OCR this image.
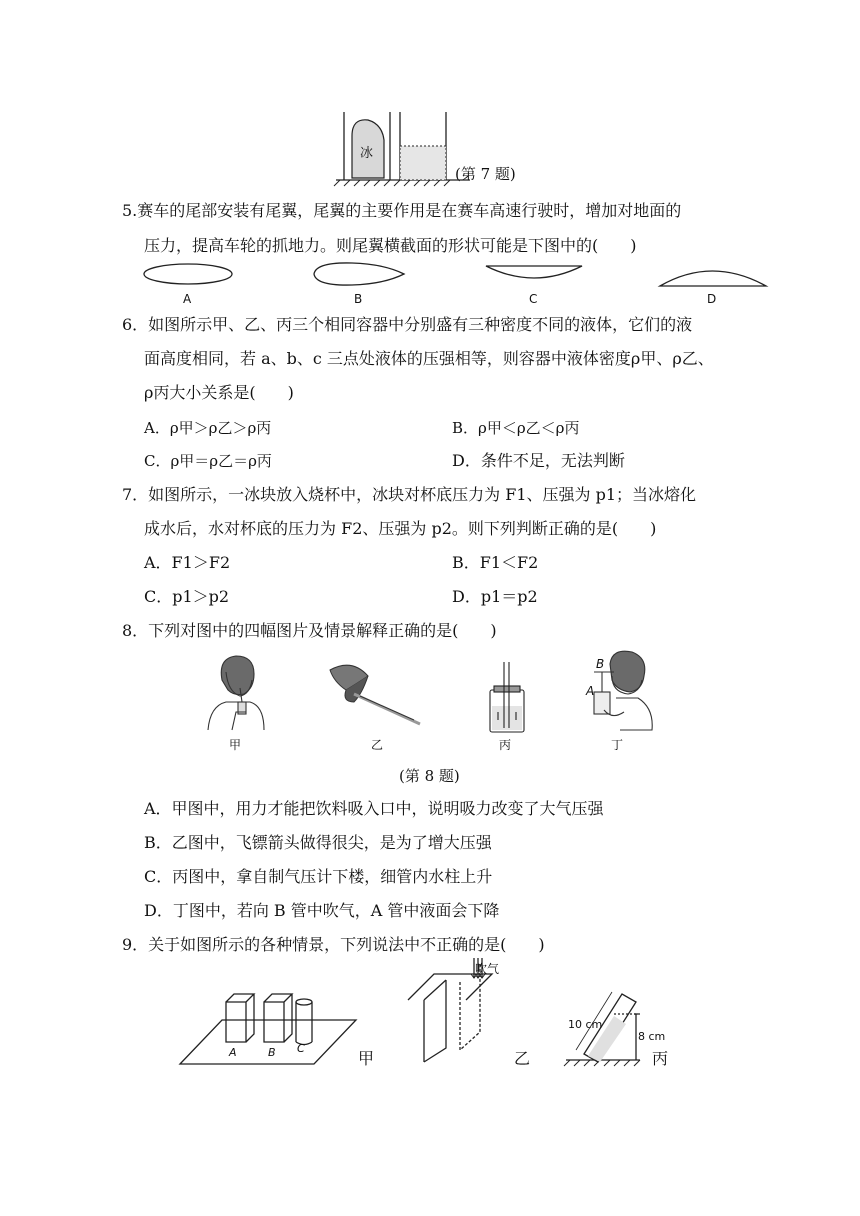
冰
(第 7 题)
5.赛车的尾部安装有尾翼，尾翼的主要作用是在赛车高速行驶时，增加对地面的
压力，提高车轮的抓地力。则尾翼横截面的形状可能是下图中的(　　)
A	B	C	D
6．如图所示甲、乙、丙三个相同容器中分别盛有三种密度不同的液体，它们的液
面高度相同，若 a、b、c 三点处液体的压强相等，则容器中液体密度ρ甲、ρ乙、
ρ丙大小关系是(　　)
A．ρ甲＞ρ乙＞ρ丙	B．ρ甲＜ρ乙＜ρ丙
C．ρ甲＝ρ乙＝ρ丙	D．条件不足，无法判断
7．如图所示，一冰块放入烧杯中，冰块对杯底压力为 F1、压强为 p1；当冰熔化
成水后，水对杯底的压力为 F2、压强为 p2。则下列判断正确的是(　　)
A．F1＞F2	B．F1＜F2
C．p1＞p2	D．p1＝p2
8．下列对图中的四幅图片及情景解释正确的是(　　)
B
A
甲	乙	丙	丁
(第 8 题)
A．甲图中，用力才能把饮料吸入口中，说明吸力改变了大气压强
B．乙图中，飞镖箭头做得很尖，是为了增大压强
C．丙图中，拿自制气压计下楼，细管内水柱上升
D．丁图中，若向 B 管中吹气，A 管中液面会下降
9．关于如图所示的各种情景，下列说法中不正确的是(　　)
吹气
10 cm
8 cm
A	B C
甲	乙	丙
